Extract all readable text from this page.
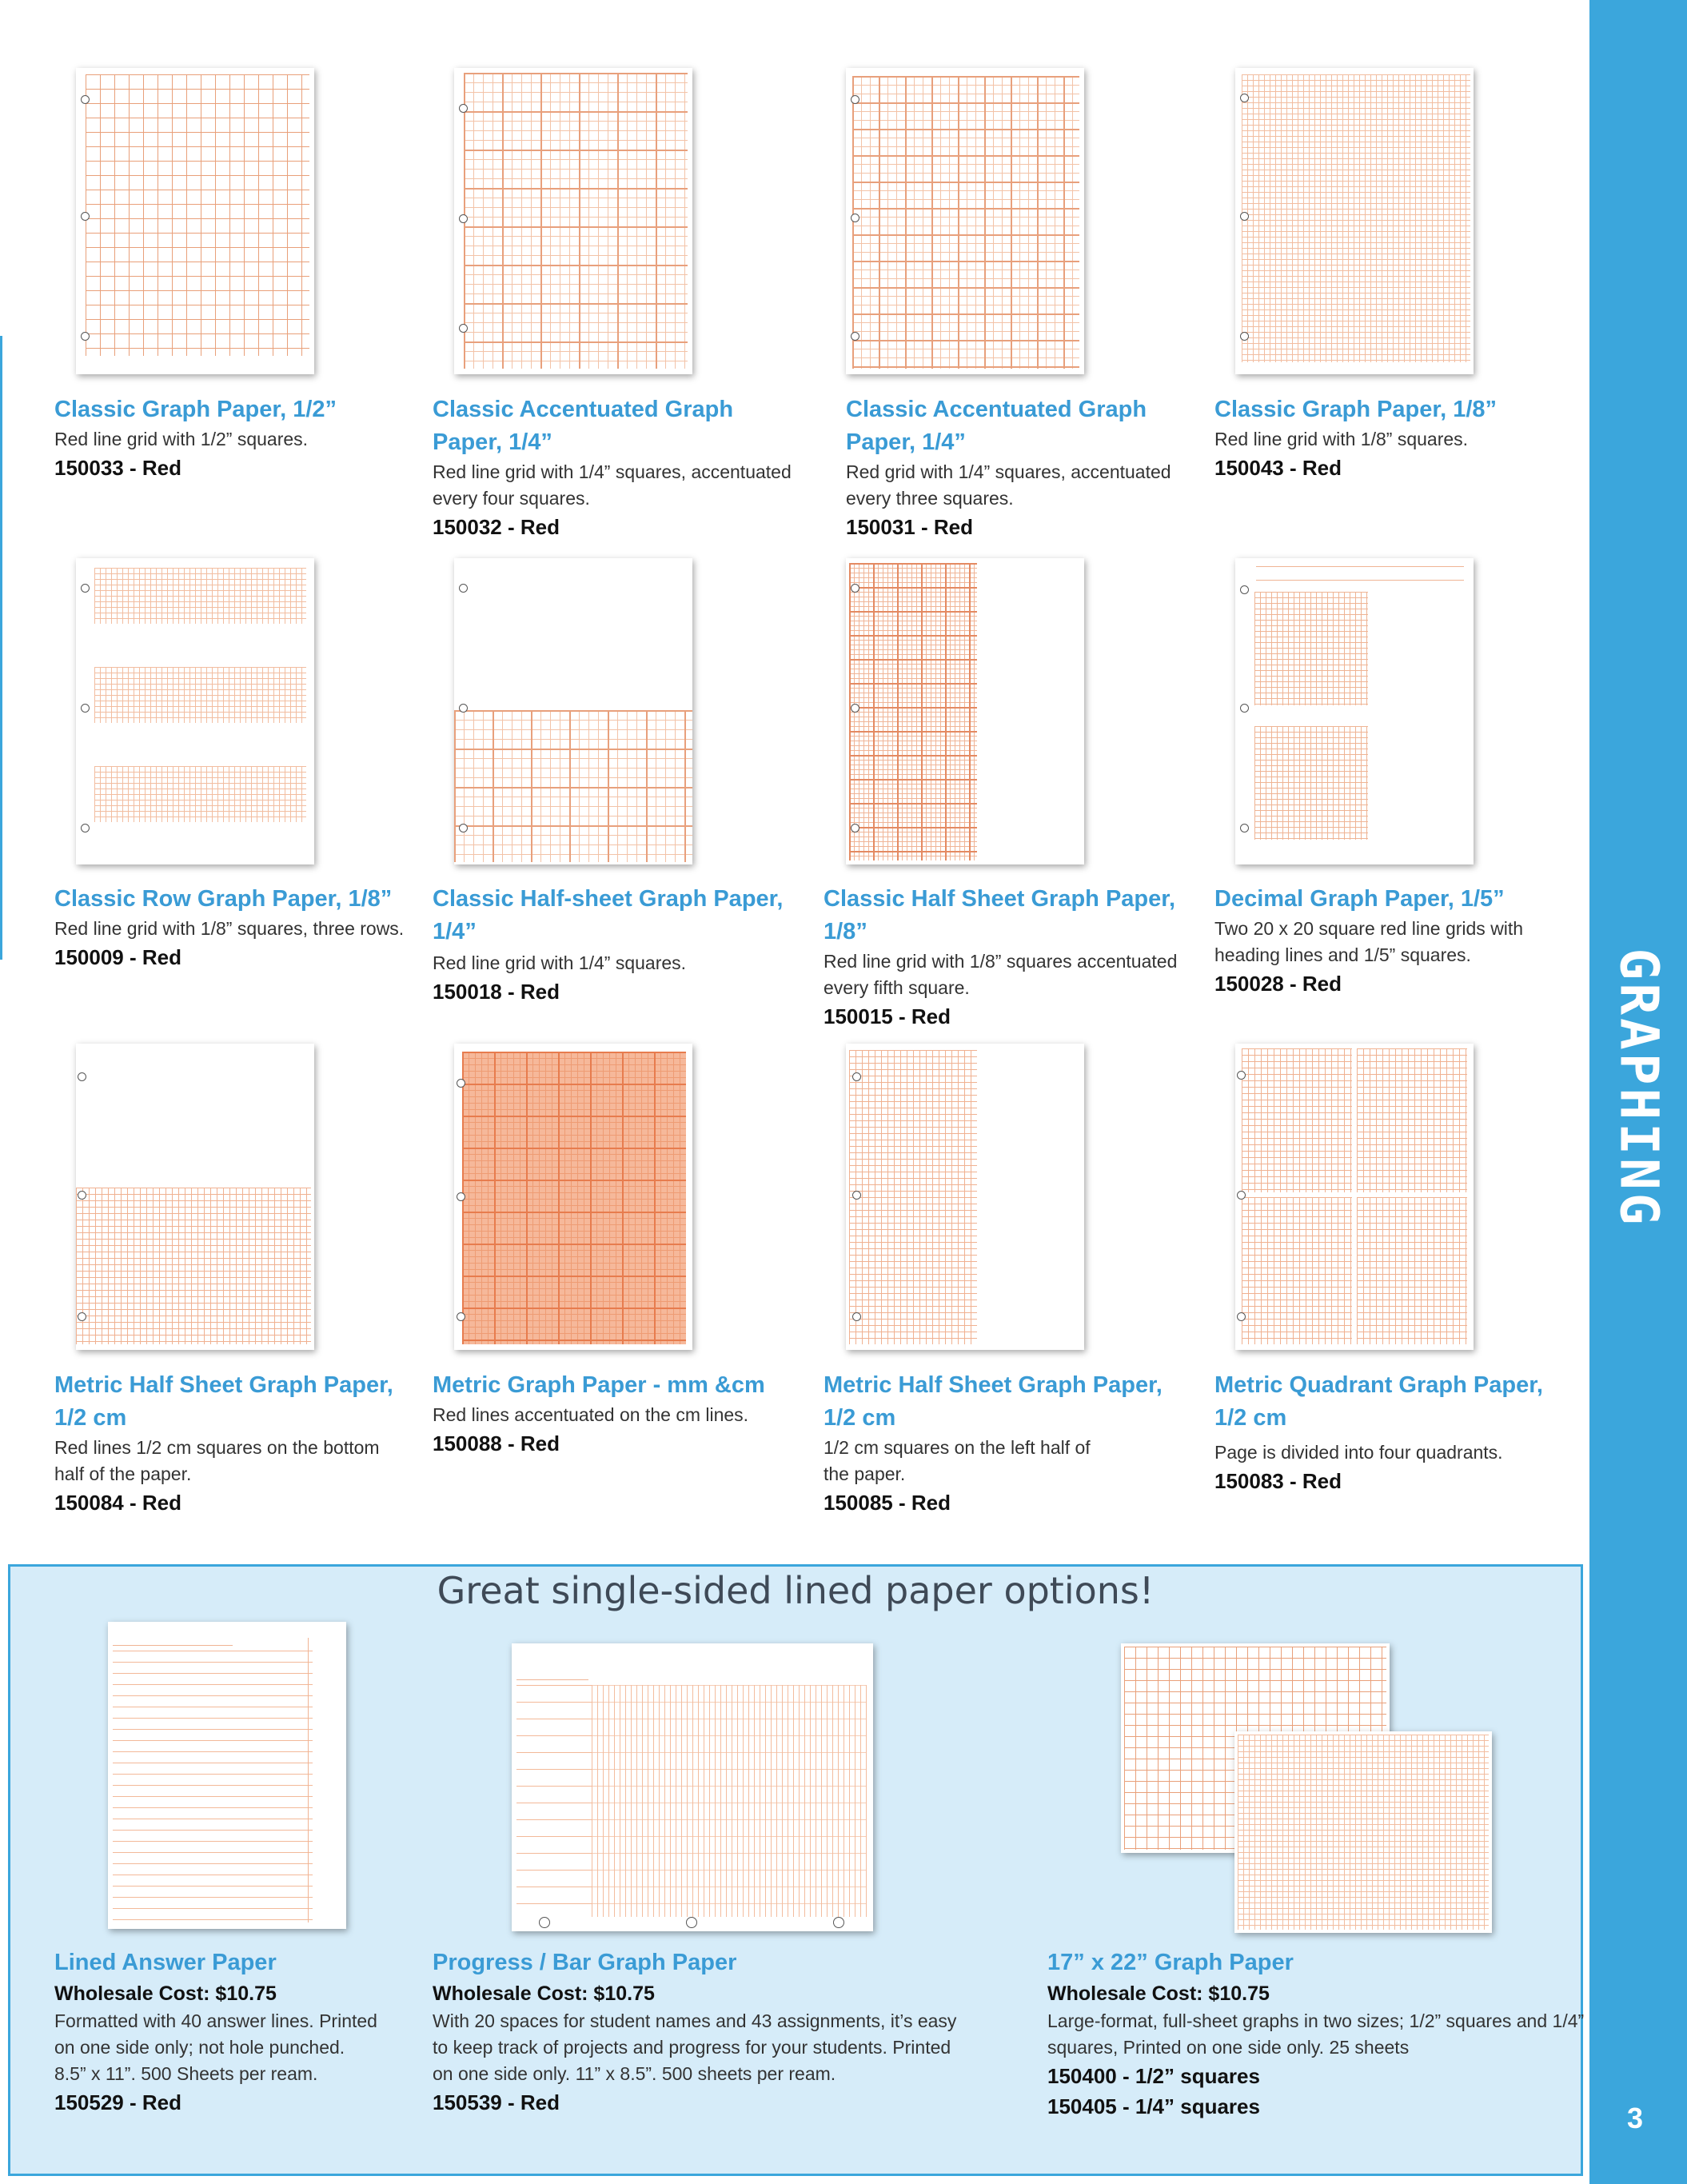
GRAPHING
3
Classic Graph Paper, 1/2”
Red line grid with 1/2” squares.
150033 - Red
Classic Accentuated Graph
Paper, 1/4”
Red line grid with 1/4” squares, accentuated
every four squares.
150032 - Red
Classic Accentuated Graph
Paper, 1/4”
Red grid with 1/4” squares, accentuated
every three squares.
150031 - Red
Classic Graph Paper, 1/8”
Red line grid with 1/8” squares.
150043 - Red
Classic Row Graph Paper, 1/8”
Red line grid with 1/8” squares, three rows.
150009 - Red
Classic Half-sheet Graph Paper,
1/4”
Red line grid with 1/4” squares.
150018 - Red
Classic Half Sheet Graph Paper,
1/8”
Red line grid with 1/8” squares accentuated
every fifth square.
150015 - Red
Decimal Graph Paper, 1/5”
Two 20 x 20 square red line grids with
heading lines and 1/5” squares.
150028 - Red
Metric Half Sheet Graph Paper,
1/2 cm
Red lines 1/2 cm squares on the bottom
half of the paper.
150084 - Red
Metric Graph Paper - mm &cm
Red lines accentuated on the cm lines.
150088 - Red
Metric Half Sheet Graph Paper,
1/2 cm
1/2 cm squares on the left half of
the paper.
150085 - Red
Metric Quadrant Graph Paper,
1/2 cm
Page is divided into four quadrants.
150083 - Red
Great single-sided lined paper options!
Lined Answer Paper
Wholesale Cost: $10.75
Formatted with 40 answer lines. Printed
on one side only; not hole punched.
8.5” x 11”. 500 Sheets per ream.
150529 - Red
Progress / Bar Graph Paper
Wholesale Cost: $10.75
With 20 spaces for student names and 43 assignments, it’s easy
to keep track of projects and progress for your students. Printed
on one side only. 11” x 8.5”. 500 sheets per ream.
150539 - Red
17” x 22” Graph Paper
Wholesale Cost: $10.75
Large-format, full-sheet graphs in two sizes; 1/2” squares and 1/4”
squares, Printed on one side only. 25 sheets
150400 - 1/2” squares
150405 - 1/4” squares
